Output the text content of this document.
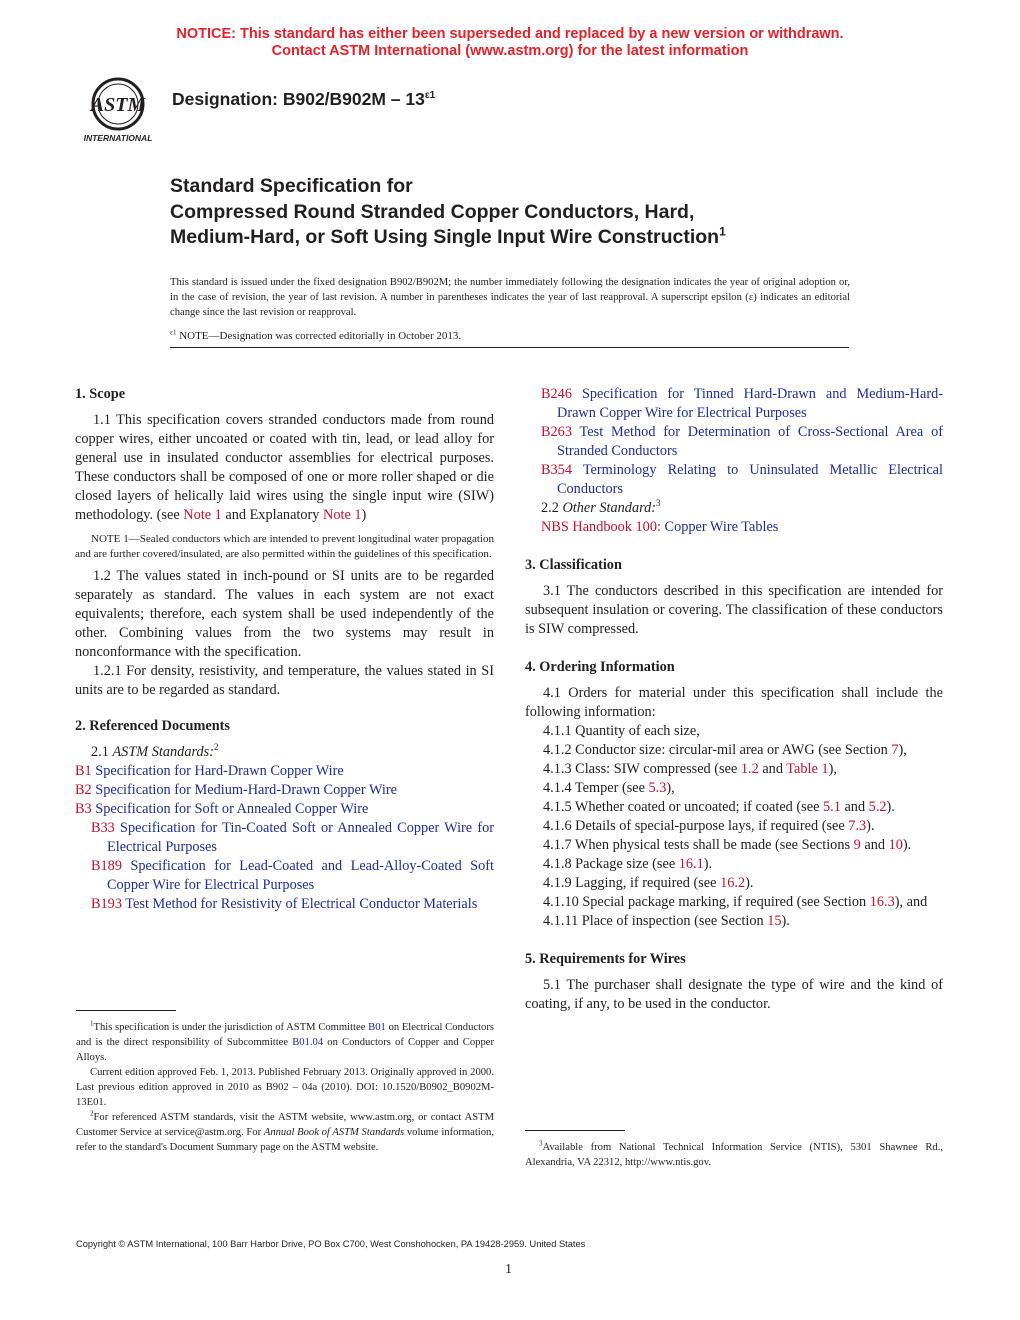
NOTICE: This standard has either been superseded and replaced by a new version or withdrawn.
Contact ASTM International (www.astm.org) for the latest information
ASTM
INTERNATIONAL
Designation: $B902/B902M - 13^{\varepsilon 1}$
Standard Specification for
Compressed Round Stranded Copper Conductors, Hard,
Medium-Hard, or Soft Using Single Input Wire Construction$^1$
This standard is issued under the fixed designation B902/B902M; the number immediately following the designation indicates the year of original adoption or, in the case of revision, the year of last revision. A number in parentheses indicates the year of last reapproval. A superscript epsilon (ε) indicates an editorial change since the last revision or reapproval.
$^{\varepsilon 1}$ NOTE—Designation was corrected editorially in October 2013.

1. Scope

1.1 This specification covers stranded conductors made from round copper wires, either uncoated or coated with tin, lead, or lead alloy for general use in insulated conductor assemblies for electrical purposes. These conductors shall be composed of one or more roller shaped or die closed layers of helically laid wires using the single input wire (SIW) methodology. (see Note 1 and Explanatory Note 1)

NOTE 1—Sealed conductors which are intended to prevent longitudinal water propagation and are further covered/insulated, are also permitted within the guidelines of this specification.

1.2 The values stated in inch-pound or SI units are to be regarded separately as standard. The values in each system are not exact equivalents; therefore, each system shall be used independently of the other. Combining values from the two systems may result in nonconformance with the specification.

1.2.1 For density, resistivity, and temperature, the values stated in SI units are to be regarded as standard.

2. Referenced Documents

2.1 ASTM Standards:$^2$

B1 Specification for Hard-Drawn Copper Wire

B2 Specification for Medium-Hard-Drawn Copper Wire

B3 Specification for Soft or Annealed Copper Wire

B33 Specification for Tin-Coated Soft or Annealed Copper Wire for Electrical Purposes

B189 Specification for Lead-Coated and Lead-Alloy-Coated Soft Copper Wire for Electrical Purposes

B193 Test Method for Resistivity of Electrical Conductor Materials

$^1$This specification is under the jurisdiction of ASTM Committee B01 on Electrical Conductors and is the direct responsibility of Subcommittee B01.04 on Conductors of Copper and Copper Alloys.

Current edition approved Feb. 1, 2013. Published February 2013. Originally approved in 2000. Last previous edition approved in 2010 as B902 – 04a (2010). DOI: 10.1520/B0902_B0902M-13E01.

$^2$For referenced ASTM standards, visit the ASTM website, www.astm.org, or contact ASTM Customer Service at service@astm.org. For Annual Book of ASTM Standards volume information, refer to the standard's Document Summary page on the ASTM website.

B246 Specification for Tinned Hard-Drawn and Medium-Hard-Drawn Copper Wire for Electrical Purposes

B263 Test Method for Determination of Cross-Sectional Area of Stranded Conductors

B354 Terminology Relating to Uninsulated Metallic Electrical Conductors

2.2 Other Standard:$^3$

NBS Handbook 100: Copper Wire Tables

3. Classification

3.1 The conductors described in this specification are intended for subsequent insulation or covering. The classification of these conductors is SIW compressed.

4. Ordering Information

4.1 Orders for material under this specification shall include the following information:

4.1.1 Quantity of each size,

4.1.2 Conductor size: circular-mil area or AWG (see Section 7),

4.1.3 Class: SIW compressed (see 1.2 and Table 1),

4.1.4 Temper (see 5.3),

4.1.5 Whether coated or uncoated; if coated (see 5.1 and 5.2).

4.1.6 Details of special-purpose lays, if required (see 7.3).

4.1.7 When physical tests shall be made (see Sections 9 and 10).

4.1.8 Package size (see 16.1).

4.1.9 Lagging, if required (see 16.2).

4.1.10 Special package marking, if required (see Section 16.3), and

4.1.11 Place of inspection (see Section 15).

5. Requirements for Wires

5.1 The purchaser shall designate the type of wire and the kind of coating, if any, to be used in the conductor.

$^3$Available from National Technical Information Service (NTIS), 5301 Shawnee Rd., Alexandria, VA 22312, http://www.ntis.gov.

Copyright © ASTM International, 100 Barr Harbor Drive, PO Box C700, West Conshohocken, PA 19428-2959. United States
1
